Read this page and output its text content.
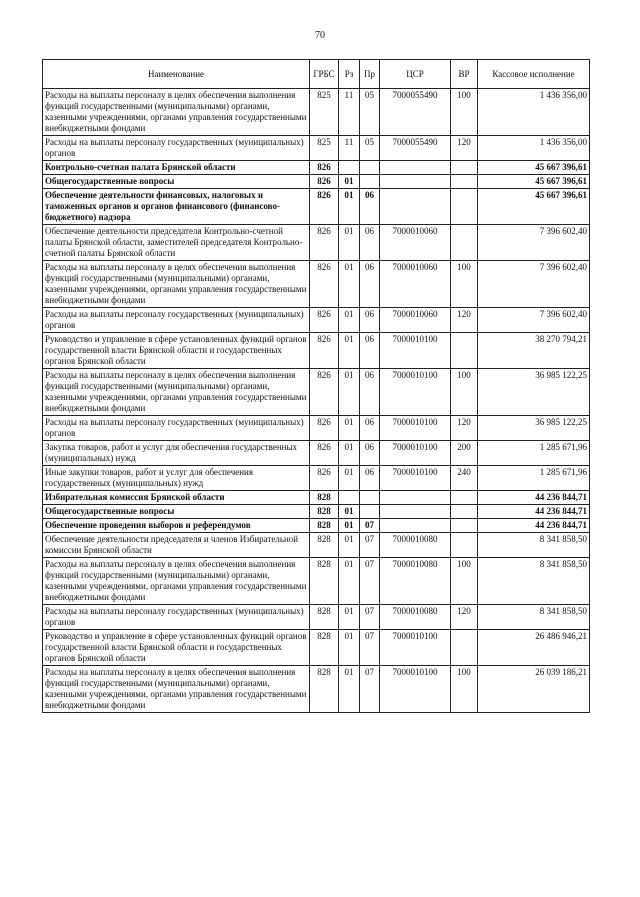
70
Наименование	ГРБС	Рз	Пр	ЦСР	ВР	Кассовое исполнение
Расходы на выплаты персоналу в целях обеспечения выполнения функций государственными (муниципальными) органами, казенными учреждениями, органами управления государственными внебюджетными фондами	825	11	05	7000055490	100	1 436 356,00
Расходы на выплаты персоналу государственных (муниципальных) органов	825	11	05	7000055490	120	1 436 356,00
Контрольно-счетная палата Брянской области	826					45 667 396,61
Общегосударственные вопросы	826	01				45 667 396,61
Обеспечение деятельности финансовых, налоговых и таможенных органов и органов финансового (финансово-бюджетного) надзора	826	01	06			45 667 396,61
Обеспечение деятельности председателя Контрольно-счетной палаты Брянской области, заместителей председателя Контрольно-счетной палаты Брянской области	826	01	06	7000010060		7 396 602,40
Расходы на выплаты персоналу в целях обеспечения выполнения функций государственными (муниципальными) органами, казенными учреждениями, органами управления государственными внебюджетными фондами	826	01	06	7000010060	100	7 396 602,40
Расходы на выплаты персоналу государственных (муниципальных) органов	826	01	06	7000010060	120	7 396 602,40
Руководство и управление в сфере установленных функций органов государственной власти Брянской области и государственных органов Брянской области	826	01	06	7000010100		38 270 794,21
Расходы на выплаты персоналу в целях обеспечения выполнения функций государственными (муниципальными) органами, казенными учреждениями, органами управления государственными внебюджетными фондами	826	01	06	7000010100	100	36 985 122,25
Расходы на выплаты персоналу государственных (муниципальных) органов	826	01	06	7000010100	120	36 985 122,25
Закупка товаров, работ и услуг для обеспечения государственных (муниципальных) нужд	826	01	06	7000010100	200	1 285 671,96
Иные закупки товаров, работ и услуг для обеспечения государственных (муниципальных) нужд	826	01	06	7000010100	240	1 285 671,96
Избирательная комиссия Брянской области	828					44 236 844,71
Общегосударственные вопросы	828	01				44 236 844,71
Обеспечение проведения выборов и референдумов	828	01	07			44 236 844,71
Обеспечение деятельности председателя и членов Избирательной комиссии Брянской области	828	01	07	7000010080		8 341 858,50
Расходы на выплаты персоналу в целях обеспечения выполнения функций государственными (муниципальными) органами, казенными учреждениями, органами управления государственными внебюджетными фондами	828	01	07	7000010080	100	8 341 858,50
Расходы на выплаты персоналу государственных (муниципальных) органов	828	01	07	7000010080	120	8 341 858,50
Руководство и управление в сфере установленных функций органов государственной власти Брянской области и государственных органов Брянской области	828	01	07	7000010100		26 486 946,21
Расходы на выплаты персоналу в целях обеспечения выполнения функций государственными (муниципальными) органами, казенными учреждениями, органами управления государственными внебюджетными фондами	828	01	07	7000010100	100	26 039 186,21
